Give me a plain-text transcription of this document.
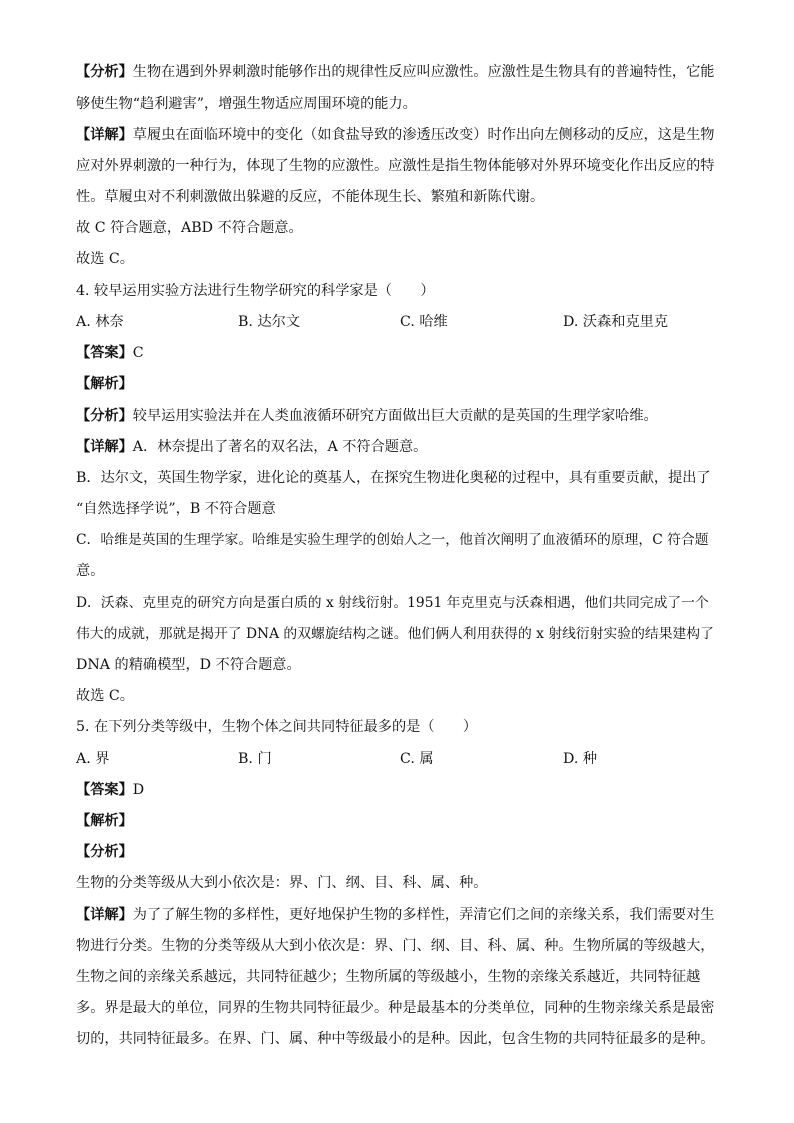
【分析】生物在遇到外界刺激时能够作出的规律性反应叫应激性。应激性是生物具有的普遍特性，它能
够使生物“趋利避害”，增强生物适应周围环境的能力。
【详解】草履虫在面临环境中的变化（如食盐导致的渗透压改变）时作出向左侧移动的反应，这是生物
应对外界刺激的一种行为，体现了生物的应激性。应激性是指生物体能够对外界环境变化作出反应的特
性。草履虫对不利刺激做出躲避的反应，不能体现生长、繁殖和新陈代谢。
故 C 符合题意，ABD 不符合题意。
故选 C。
4. 较早运用实验方法进行生物学研究的科学家是（　　）
A. 林奈	B. 达尔文	C. 哈维	D. 沃森和克里克
【答案】C
【解析】
【分析】较早运用实验法并在人类血液循环研究方面做出巨大贡献的是英国的生理学家哈维。
【详解】A．林奈提出了著名的双名法，A 不符合题意。
B．达尔文，英国生物学家，进化论的奠基人，在探究生物进化奥秘的过程中，具有重要贡献，提出了
“自然选择学说”，B 不符合题意
C．哈维是英国的生理学家。哈维是实验生理学的创始人之一，他首次阐明了血液循环的原理，C 符合题
意。
D．沃森、克里克的研究方向是蛋白质的 x 射线衍射。1951 年克里克与沃森相遇，他们共同完成了一个
伟大的成就，那就是揭开了 DNA 的双螺旋结构之谜。他们俩人利用获得的 x 射线衍射实验的结果建构了
DNA 的精确模型，D 不符合题意。
故选 C。
5. 在下列分类等级中，生物个体之间共同特征最多的是（　　）
A. 界	B. 门	C. 属	D. 种
【答案】D
【解析】
【分析】
生物的分类等级从大到小依次是：界、门、纲、目、科、属、种。
【详解】为了了解生物的多样性，更好地保护生物的多样性，弄清它们之间的亲缘关系，我们需要对生
物进行分类。生物的分类等级从大到小依次是：界、门、纲、目、科、属、种。生物所属的等级越大，
生物之间的亲缘关系越远，共同特征越少；生物所属的等级越小，生物的亲缘关系越近，共同特征越
多。界是最大的单位，同界的生物共同特征最少。种是最基本的分类单位，同种的生物亲缘关系是最密
切的，共同特征最多。在界、门、属、种中等级最小的是种。因此，包含生物的共同特征最多的是种。
